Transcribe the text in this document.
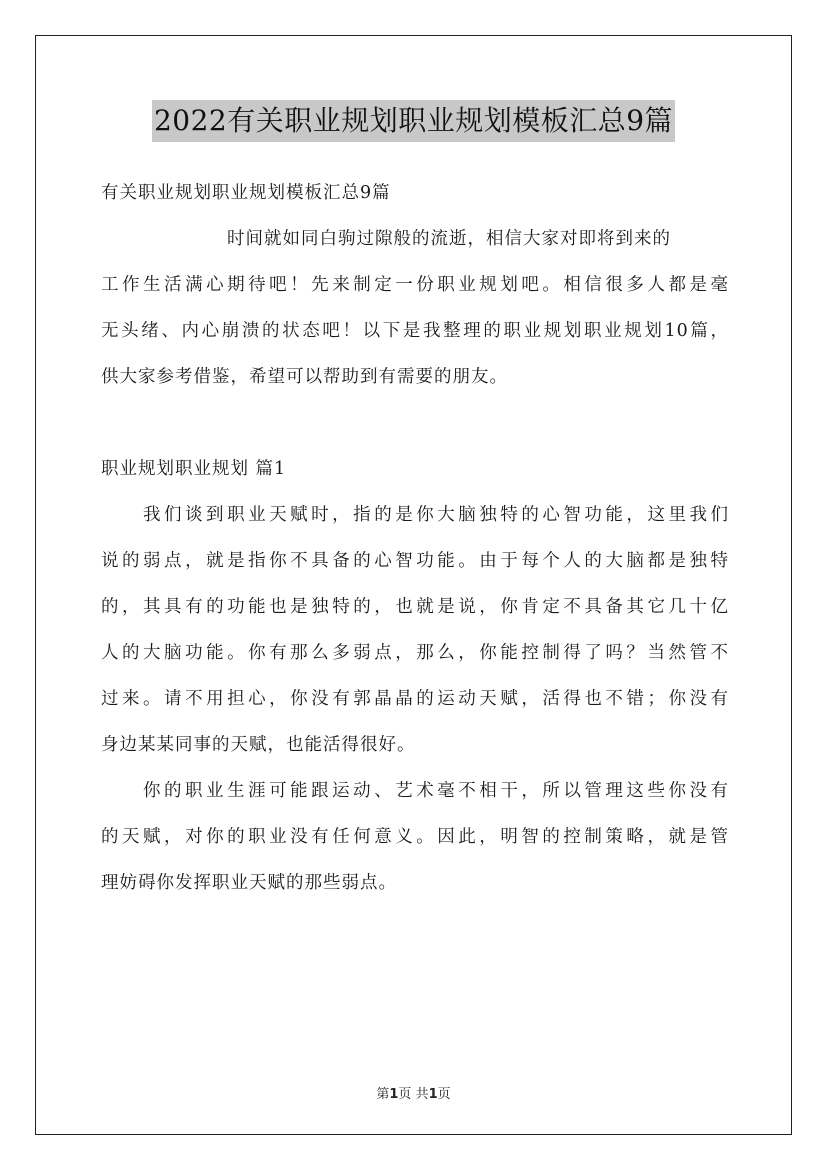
2022有关职业规划职业规划模板汇总9篇
有关职业规划职业规划模板汇总9篇
时间就如同白驹过隙般的流逝，相信大家对即将到来的
工作生活满心期待吧！先来制定一份职业规划吧。相信很多人都是毫
无头绪、内心崩溃的状态吧！以下是我整理的职业规划职业规划10篇，
供大家参考借鉴，希望可以帮助到有需要的朋友。
职业规划职业规划 篇1
我们谈到职业天赋时，指的是你大脑独特的心智功能，这里我们
说的弱点，就是指你不具备的心智功能。由于每个人的大脑都是独特
的，其具有的功能也是独特的，也就是说，你肯定不具备其它几十亿
人的大脑功能。你有那么多弱点，那么，你能控制得了吗？当然管不
过来。请不用担心，你没有郭晶晶的运动天赋，活得也不错；你没有
身边某某同事的天赋，也能活得很好。
你的职业生涯可能跟运动、艺术毫不相干，所以管理这些你没有
的天赋，对你的职业没有任何意义。因此，明智的控制策略，就是管
理妨碍你发挥职业天赋的那些弱点。
第1页 共1页
